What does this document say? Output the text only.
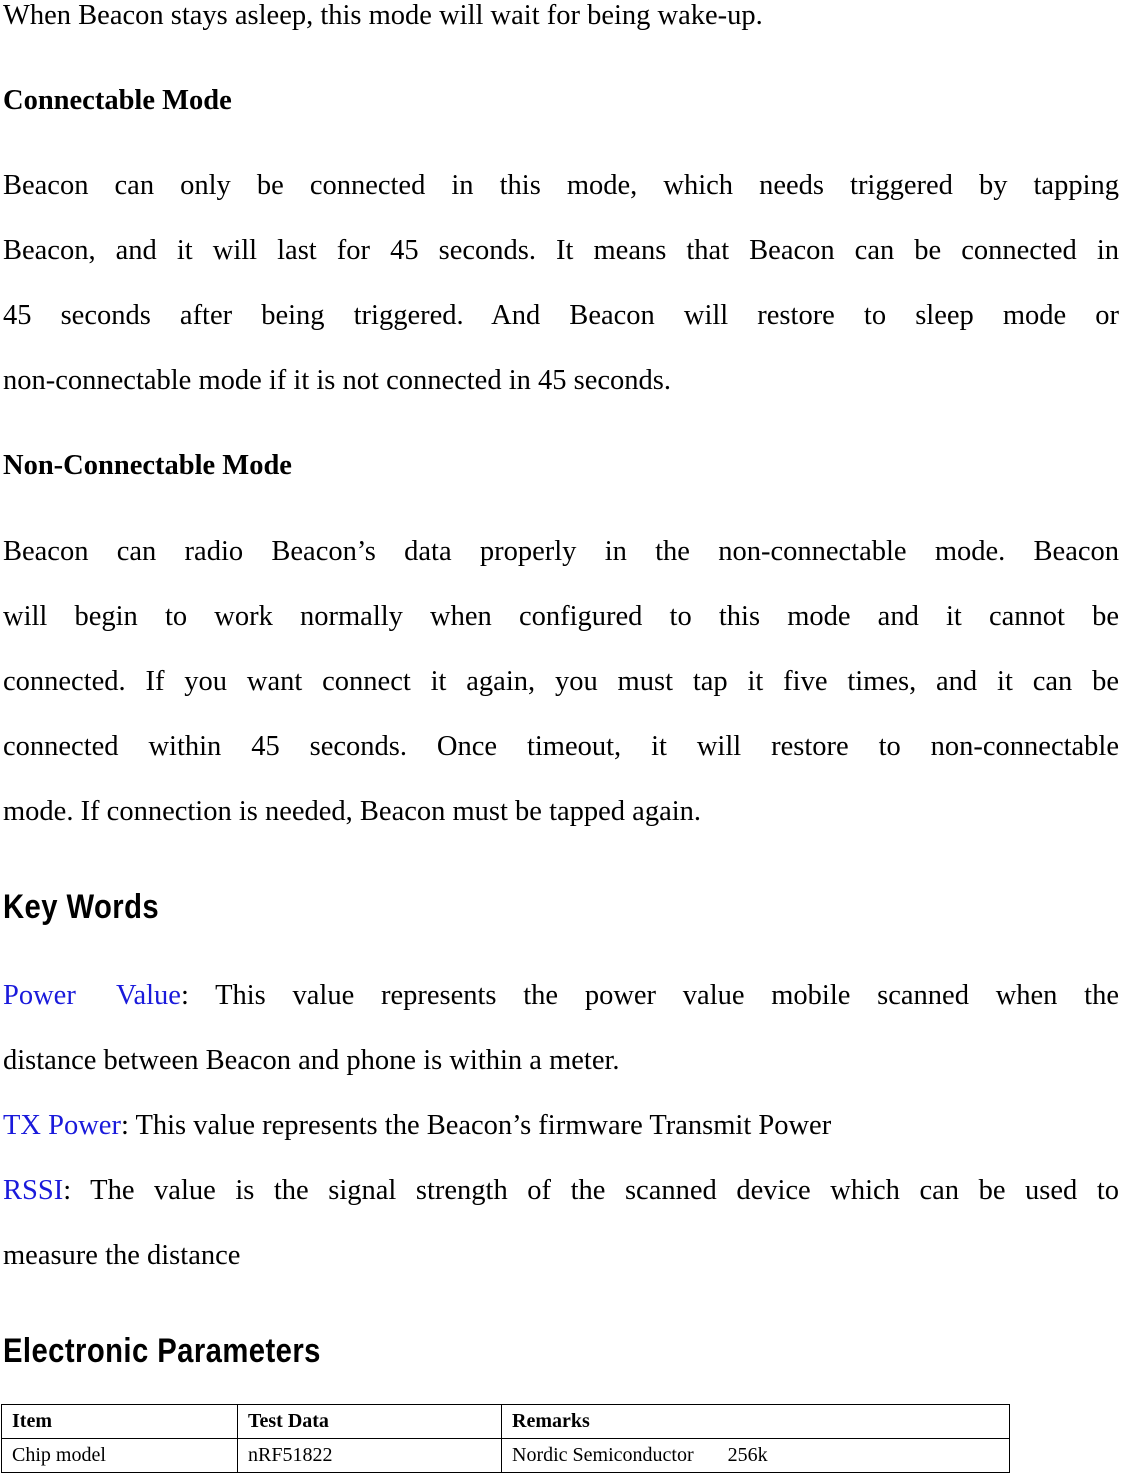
When Beacon stays asleep, this mode will wait for being wake-up.

Connectable Mode

Beacon can only be connected in this mode, which needs triggered by tapping

Beacon, and it will last for 45 seconds. It means that Beacon can be connected in

45 seconds after being triggered. And Beacon will restore to sleep mode or

non-connectable mode if it is not connected in 45 seconds.

Non-Connectable Mode

Beacon can radio Beacon’s data properly in the non-connectable mode. Beacon

will begin to work normally when configured to this mode and it cannot be

connected. If you want connect it again, you must tap it five times, and it can be

connected within 45 seconds. Once timeout, it will restore to non-connectable

mode. If connection is needed, Beacon must be tapped again.

Key Words

Power Value: This value represents the power value mobile scanned when the

distance between Beacon and phone is within a meter.

TX Power: This value represents the Beacon’s firmware Transmit Power

RSSI: The value is the signal strength of the scanned device which can be used to

measure the distance

Electronic Parameters

Item	Test Data	Remarks
Chip model	nRF51822	Nordic Semiconductor 256k
